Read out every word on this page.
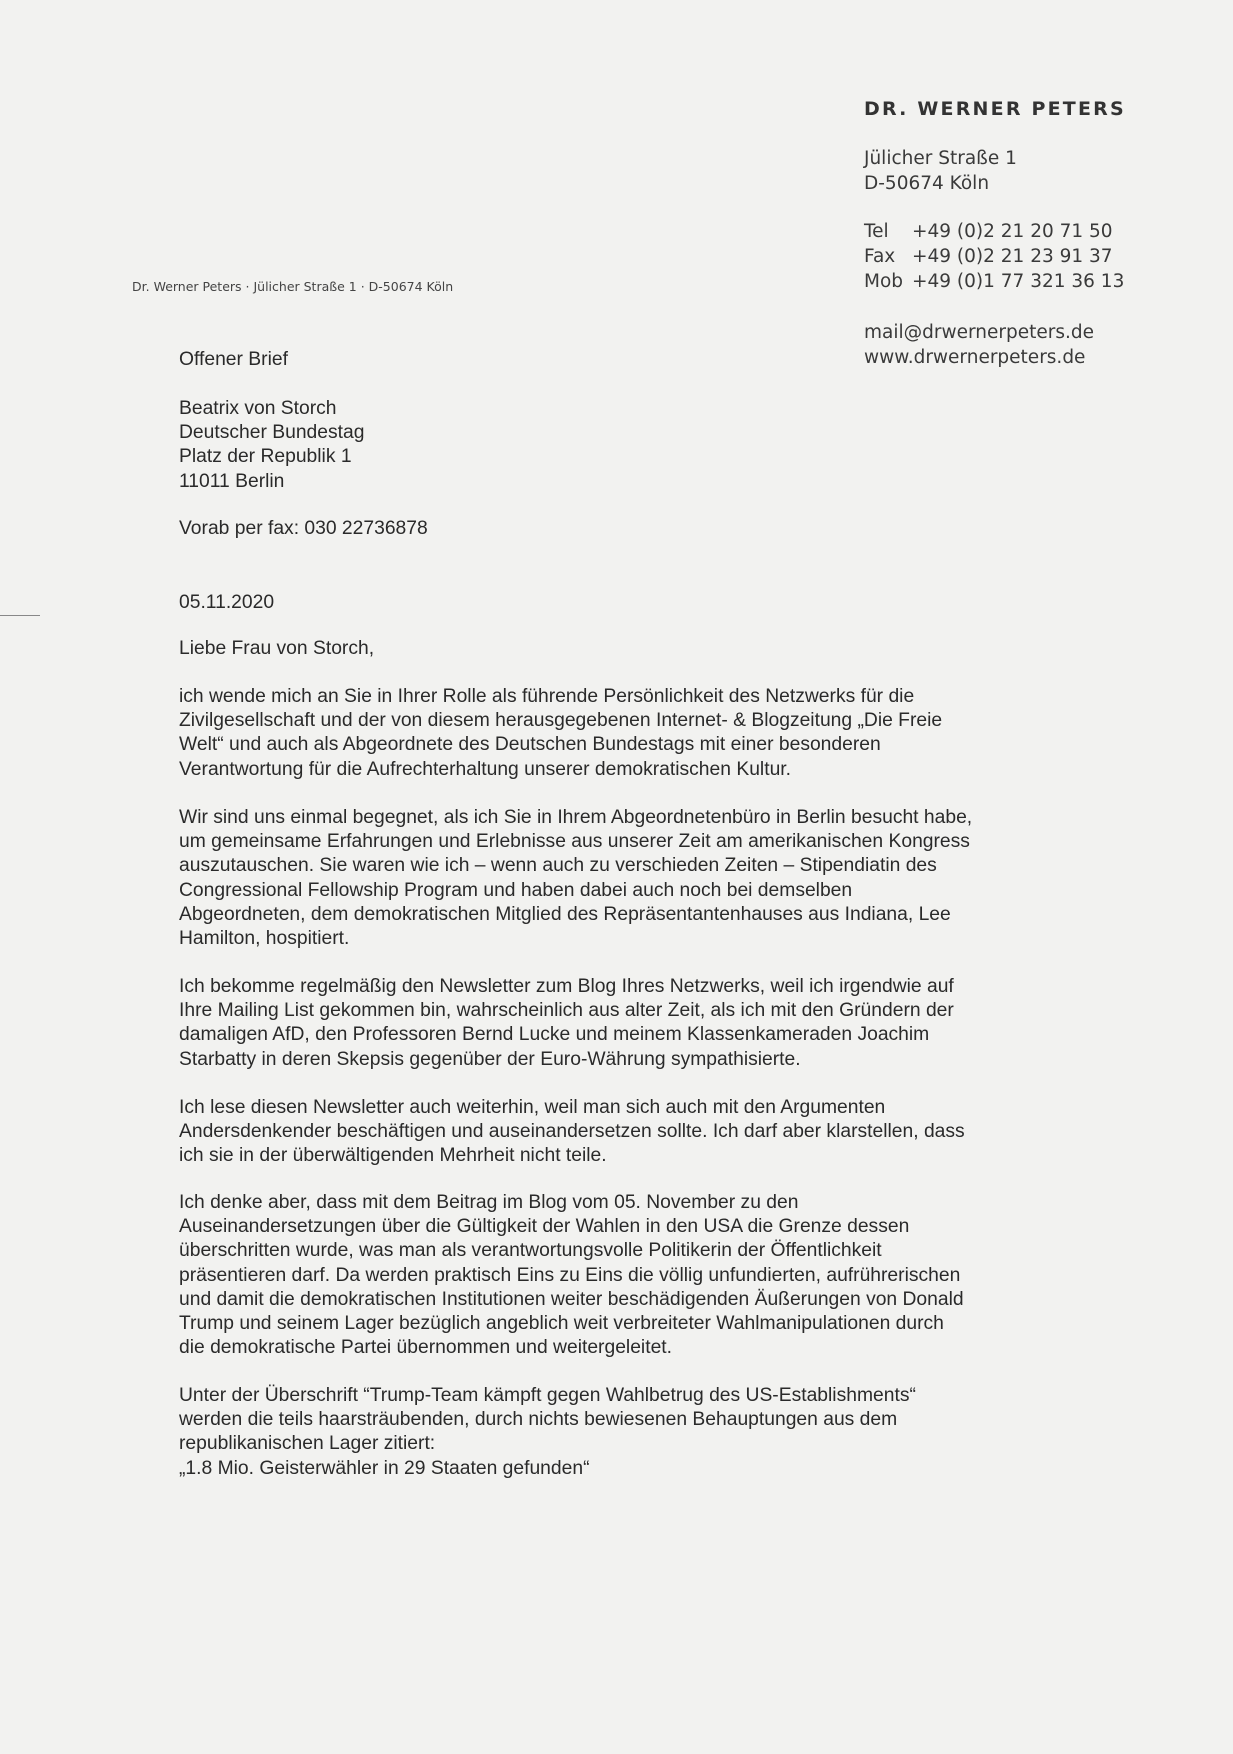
DR. WERNER PETERS
Jülicher Straße 1
D-50674 Köln
Tel	+49 (0)2 21 20 71 50
Fax +49 (0)2 21 23 91 37
Mob +49 (0)1 77 321 36 13
mail@drwernerpeters.de
www.drwernerpeters.de
Dr. Werner Peters · Jülicher Straße 1 · D-50674 Köln
Offener Brief
Beatrix von Storch
Deutscher Bundestag
Platz der Republik 1
11011 Berlin
Vorab per fax: 030 22736878
05.11.2020
Liebe Frau von Storch,
ich wende mich an Sie in Ihrer Rolle als führende Persönlichkeit des Netzwerks für die
Zivilgesellschaft und der von diesem herausgegebenen Internet- & Blogzeitung „Die Freie
Welt“ und auch als Abgeordnete des Deutschen Bundestags mit einer besonderen
Verantwortung für die Aufrechterhaltung unserer demokratischen Kultur.
Wir sind uns einmal begegnet, als ich Sie in Ihrem Abgeordnetenbüro in Berlin besucht habe,
um gemeinsame Erfahrungen und Erlebnisse aus unserer Zeit am amerikanischen Kongress
auszutauschen. Sie waren wie ich – wenn auch zu verschieden Zeiten – Stipendiatin des
Congressional Fellowship Program und haben dabei auch noch bei demselben
Abgeordneten, dem demokratischen Mitglied des Repräsentantenhauses aus Indiana, Lee
Hamilton, hospitiert.
Ich bekomme regelmäßig den Newsletter zum Blog Ihres Netzwerks, weil ich irgendwie auf
Ihre Mailing List gekommen bin, wahrscheinlich aus alter Zeit, als ich mit den Gründern der
damaligen AfD, den Professoren Bernd Lucke und meinem Klassenkameraden Joachim
Starbatty in deren Skepsis gegenüber der Euro-Währung sympathisierte.
Ich lese diesen Newsletter auch weiterhin, weil man sich auch mit den Argumenten
Andersdenkender beschäftigen und auseinandersetzen sollte. Ich darf aber klarstellen, dass
ich sie in der überwältigenden Mehrheit nicht teile.
Ich denke aber, dass mit dem Beitrag im Blog vom 05. November zu den
Auseinandersetzungen über die Gültigkeit der Wahlen in den USA die Grenze dessen
überschritten wurde, was man als verantwortungsvolle Politikerin der Öffentlichkeit
präsentieren darf. Da werden praktisch Eins zu Eins die völlig unfundierten, aufrührerischen
und damit die demokratischen Institutionen weiter beschädigenden Äußerungen von Donald
Trump und seinem Lager bezüglich angeblich weit verbreiteter Wahlmanipulationen durch
die demokratische Partei übernommen und weitergeleitet.
Unter der Überschrift “Trump-Team kämpft gegen Wahlbetrug des US-Establishments“
werden die teils haarsträubenden, durch nichts bewiesenen Behauptungen aus dem
republikanischen Lager zitiert:
„1.8 Mio. Geisterwähler in 29 Staaten gefunden“
